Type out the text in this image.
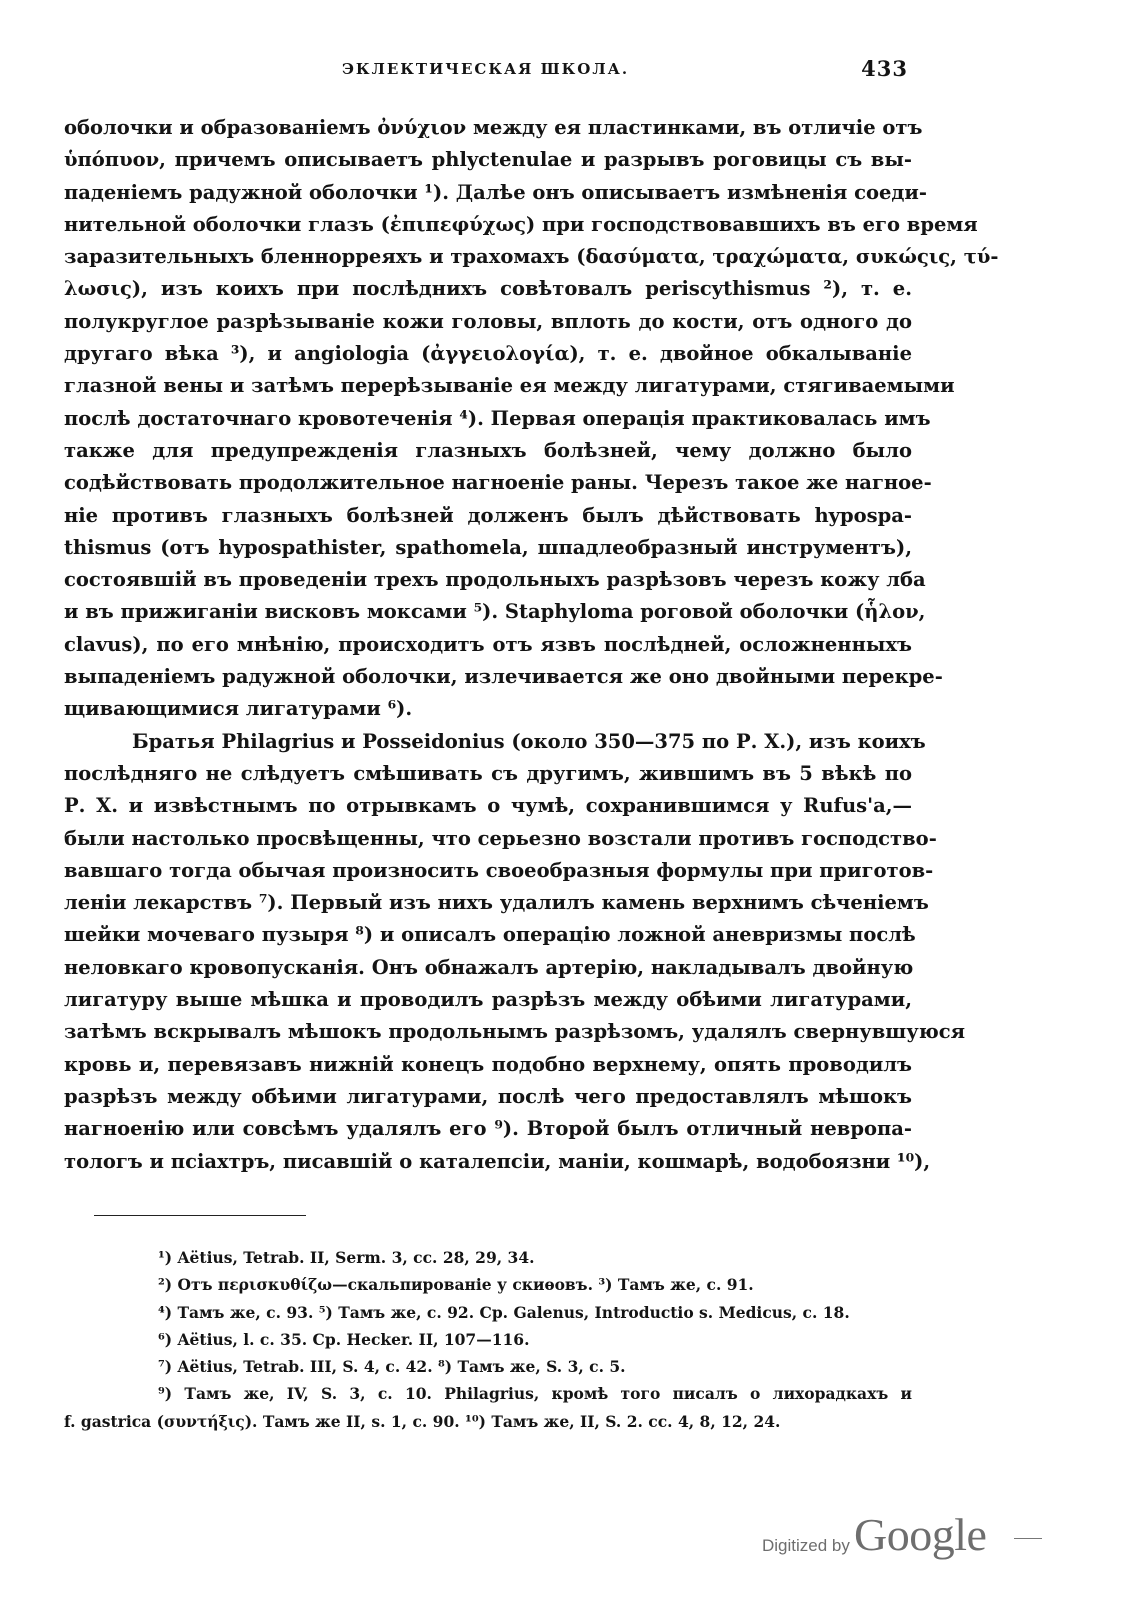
ЭКЛЕКТИЧЕСКАЯ ШКОЛА.	433
оболочки и образованіемъ ὀνύχιον между ея пластинками, въ отличіе отъ
ὑπόπυον, причемъ описываетъ phlyctenulae и разрывъ роговицы съ вы-
паденіемъ радужной оболочки ¹). Далѣе онъ описываетъ измѣненія соеди-
нительной оболочки глазъ (ἐπιπεφύχως) при господствовавшихъ въ его время
заразительныхъ бленнорреяхъ и трахомахъ (δασύματα, τραχώματα, συκώςις, τύ-
λωσις), изъ коихъ при послѣднихъ совѣтовалъ periscythismus ²), т. е.
полукруглое разрѣзываніе кожи головы, вплоть до кости, отъ одного до
другаго вѣка ³), и angiologia (ἀγγειολογία), т. е. двойное обкалываніе
глазной вены и затѣмъ перерѣзываніе ея между лигатурами, стягиваемыми
послѣ достаточнаго кровотеченія ⁴). Первая операція практиковалась имъ
также для предупрежденія глазныхъ болѣзней, чему должно было
содѣйствовать продолжительное нагноеніе раны. Черезъ такое же нагное-
ніе противъ глазныхъ болѣзней долженъ былъ дѣйствовать hypospa-
thismus (отъ hypospathister, spathomela, шпадлеобразный инструментъ),
состоявшій въ проведеніи трехъ продольныхъ разрѣзовъ черезъ кожу лба
и въ прижиганіи висковъ моксами ⁵). Staphyloma роговой оболочки (ἧλον,
clavus), по его мнѣнію, происходитъ отъ язвъ послѣдней, осложненныхъ
выпаденіемъ радужной оболочки, излечивается же оно двойными перекре-
щивающимися лигатурами ⁶).
Братья Philagrius и Posseidonius (около 350—375 по Р. Х.), изъ коихъ
послѣдняго не слѣдуетъ смѣшивать съ другимъ, жившимъ въ 5 вѣкѣ по
Р. Х. и извѣстнымъ по отрывкамъ о чумѣ, сохранившимся у Rufus'a,—
были настолько просвѣщенны, что серьезно возстали противъ господство-
вавшаго тогда обычая произносить своеобразныя формулы при приготов-
леніи лекарствъ ⁷). Первый изъ нихъ удалилъ камень верхнимъ сѣченіемъ
шейки мочеваго пузыря ⁸) и описалъ операцію ложной аневризмы послѣ
неловкаго кровопусканія. Онъ обнажалъ артерію, накладывалъ двойную
лигатуру выше мѣшка и проводилъ разрѣзъ между обѣими лигатурами,
затѣмъ вскрывалъ мѣшокъ продольнымъ разрѣзомъ, удалялъ свернувшуюся
кровь и, перевязавъ нижній конецъ подобно верхнему, опять проводилъ
разрѣзъ между обѣими лигатурами, послѣ чего предоставлялъ мѣшокъ
нагноенію или совсѣмъ удалялъ его ⁹). Второй былъ отличный невропа-
тологъ и псіахтръ, писавшій о каталепсіи, маніи, кошмарѣ, водобоязни ¹⁰),
¹) Aëtius, Tetrab. II, Serm. 3, cc. 28, 29, 34.
²) Отъ περισκυθίζω—скальпированіе у скиѳовъ. ³) Тамъ же, с. 91.
⁴) Тамъ же, с. 93. ⁵) Тамъ же, с. 92. Ср. Galenus, Introductio s. Medicus, c. 18.
⁶) Aëtius, l. c. 35. Ср. Hecker. II, 107—116.
⁷) Aëtius, Tetrab. III, S. 4, c. 42. ⁸) Тамъ же, S. 3, c. 5.
⁹) Тамъ же, IV, S. 3, c. 10. Philagrius, кромѣ того писалъ о лихорадкахъ и
f. gastrica (συντήξις). Тамъ же II, s. 1, c. 90. ¹⁰) Тамъ же, II, S. 2. cc. 4, 8, 12, 24.
Digitized by Google
